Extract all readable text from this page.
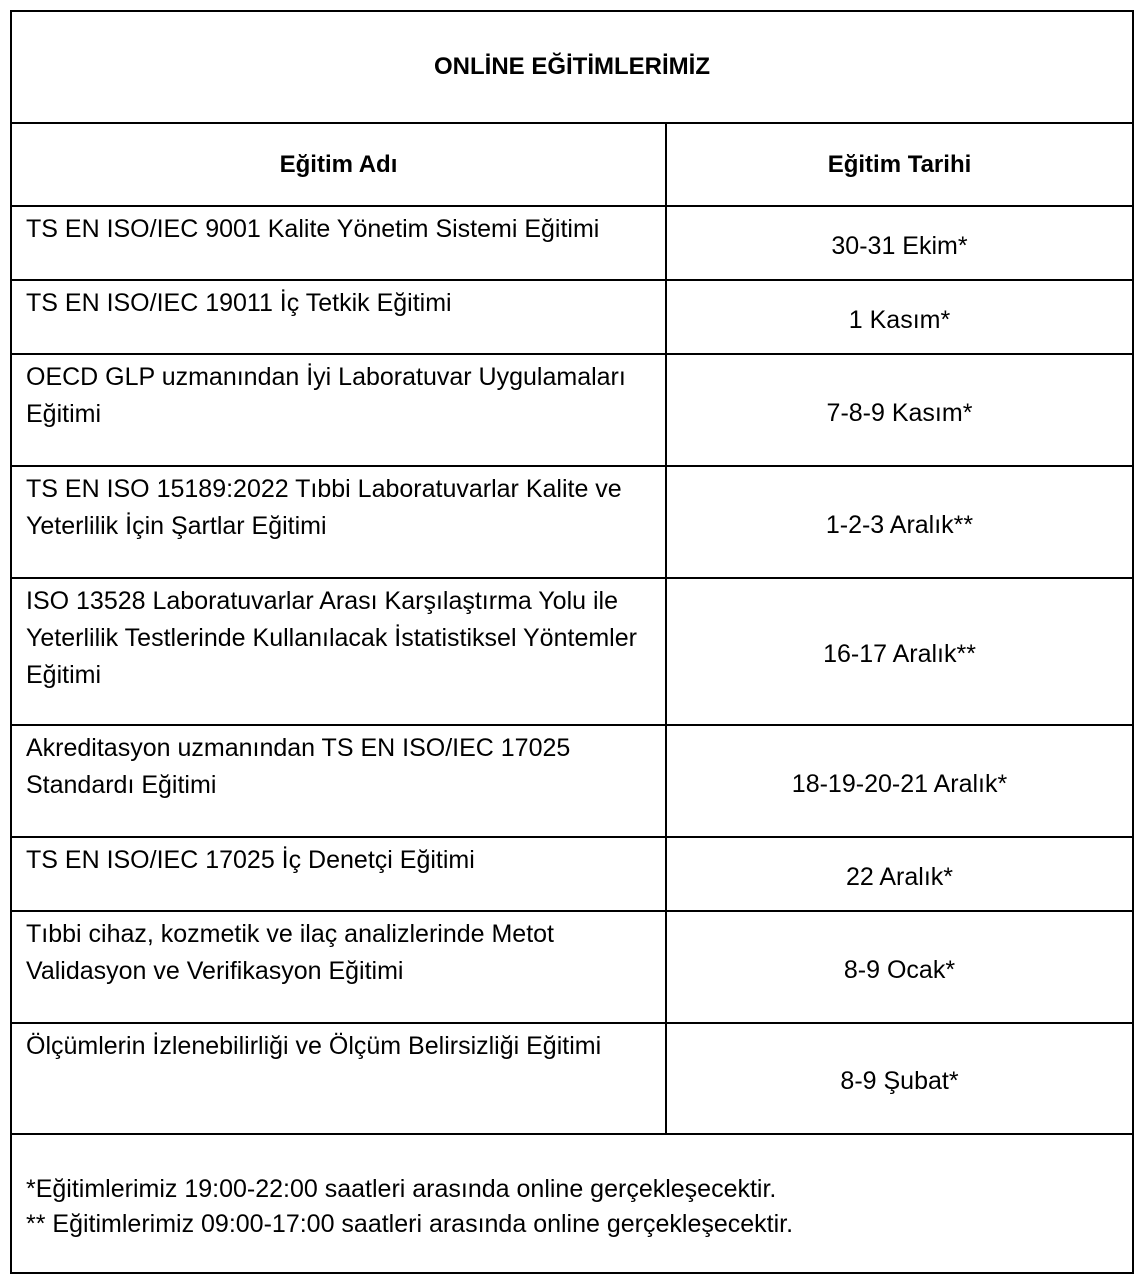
ONLİNE EĞİTİMLERİMİZ
Eğitim Adı	Eğitim Tarihi
TS EN ISO/IEC 9001 Kalite Yönetim Sistemi Eğitimi	30-31 Ekim*
TS EN ISO/IEC 19011 İç Tetkik Eğitimi	1 Kasım*
OECD GLP uzmanından İyi Laboratuvar Uygulamaları Eğitimi	7-8-9 Kasım*
TS EN ISO 15189:2022 Tıbbi Laboratuvarlar Kalite ve Yeterlilik İçin Şartlar Eğitimi	1-2-3 Aralık**
ISO 13528 Laboratuvarlar Arası Karşılaştırma Yolu ile Yeterlilik Testlerinde Kullanılacak İstatistiksel Yöntemler Eğitimi	16-17 Aralık**
Akreditasyon uzmanından TS EN ISO/IEC 17025 Standardı Eğitimi	18-19-20-21 Aralık*
TS EN ISO/IEC 17025 İç Denetçi Eğitimi	22 Aralık*
Tıbbi cihaz, kozmetik ve ilaç analizlerinde Metot Validasyon ve Verifikasyon Eğitimi	8-9 Ocak*
Ölçümlerin İzlenebilirliği ve Ölçüm Belirsizliği Eğitimi	8-9 Şubat*
*Eğitimlerimiz 19:00-22:00 saatleri arasında online gerçekleşecektir.
** Eğitimlerimiz 09:00-17:00 saatleri arasında online gerçekleşecektir.
